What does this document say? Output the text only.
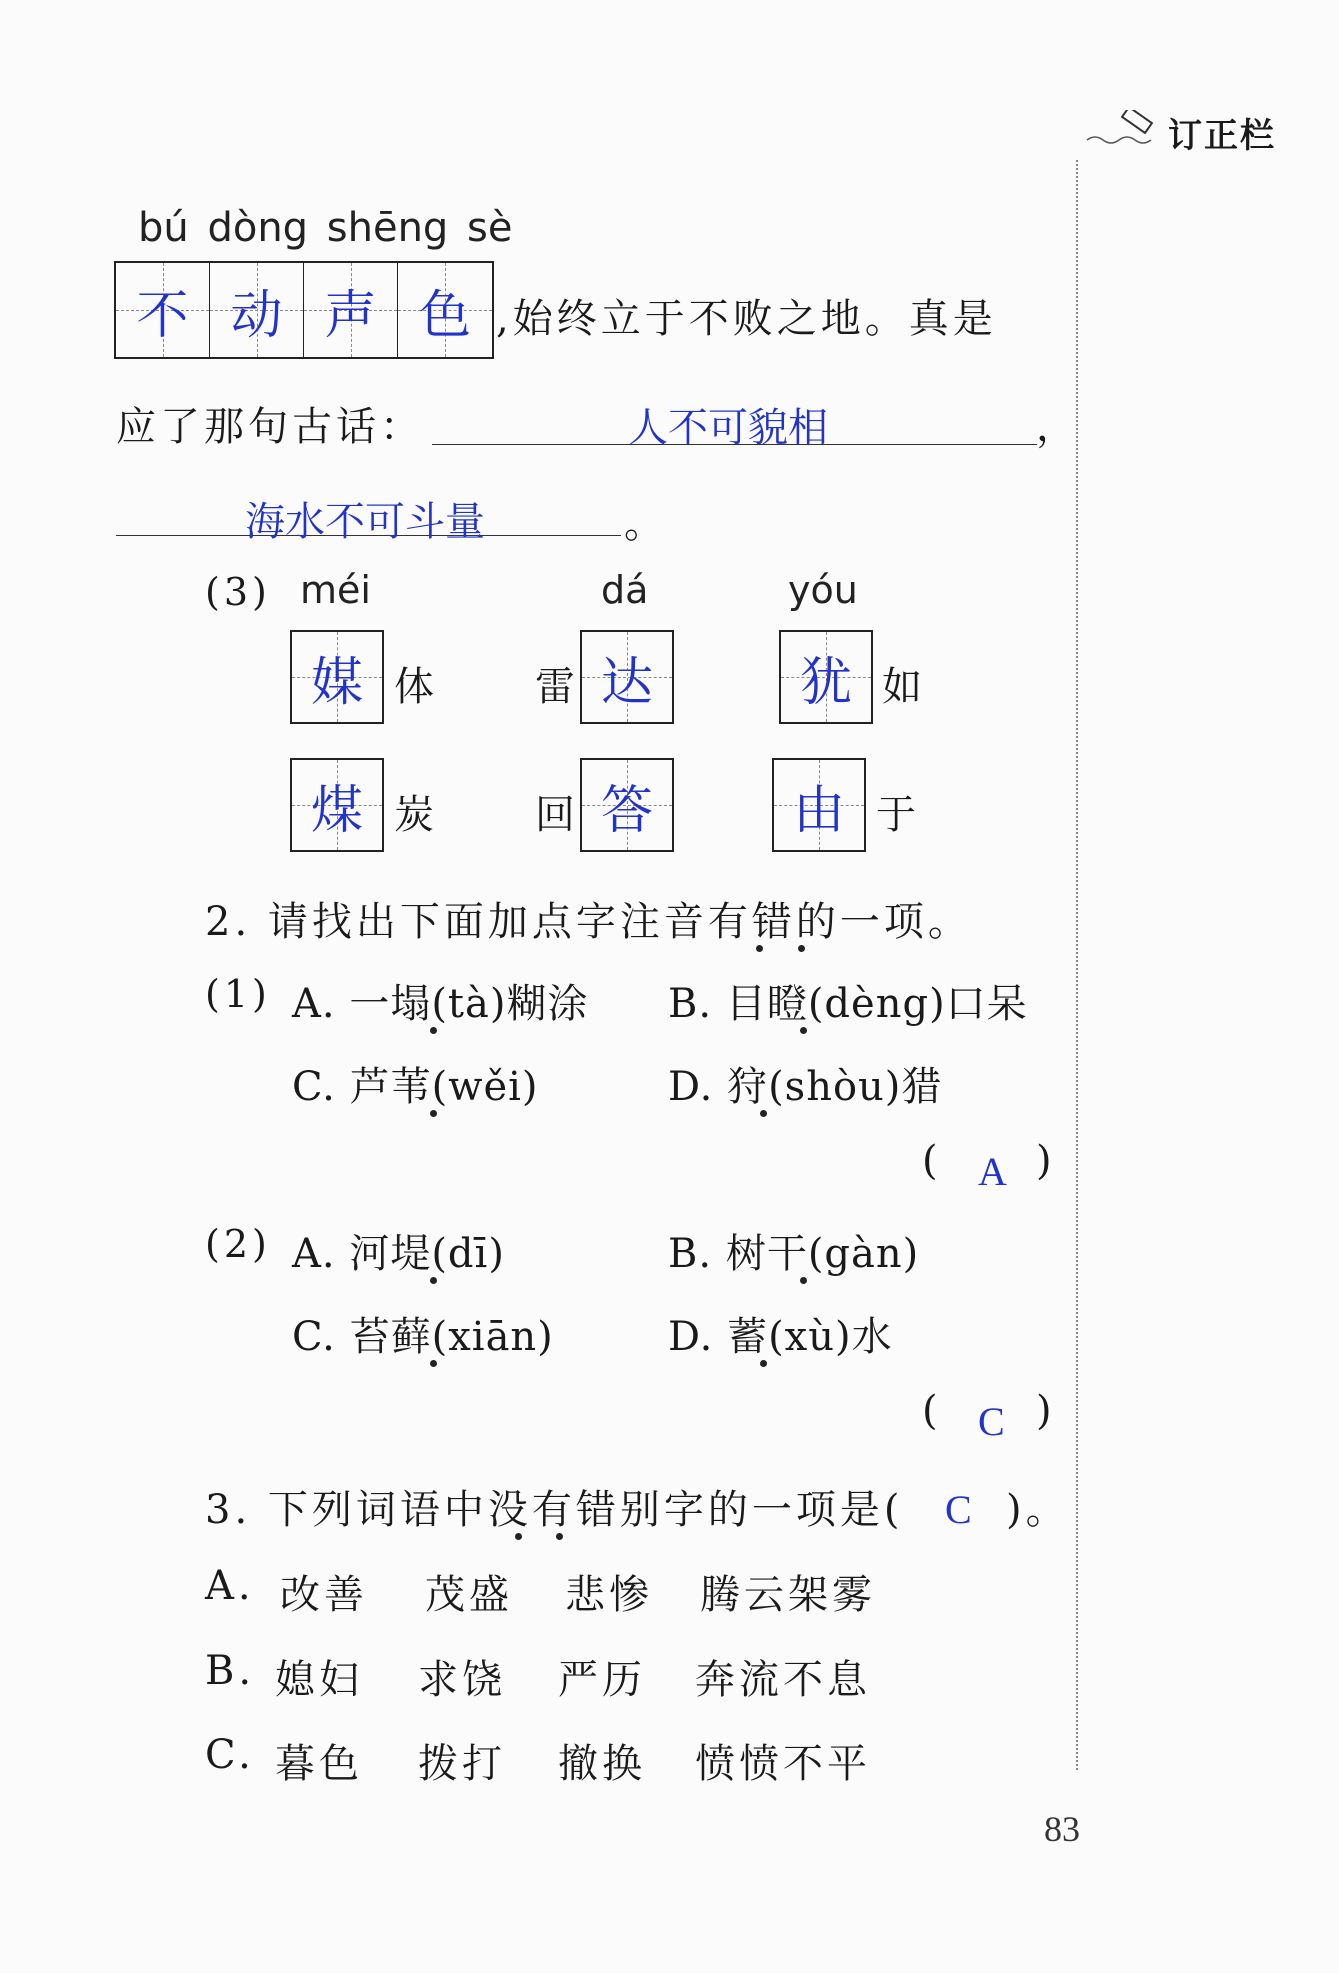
订正栏
bú dòng shēng sè
不 动 声 色 ,始终立于不败之地。真是
应了那句古话：	人不可貌相	，
海水不可斗量	。
(3) méi	dá	yóu
媒 体 雷 达	犹 如
煤 炭 回 答	由 于
2. 请找出下面加点字注音有错的一项。
(1) A. 一塌(tà)糊涂 B. 目瞪(dèng)口呆
C. 芦苇(wěi)	D. 狩(shòu)猎
( A )
(2) A. 河堤(dī)	B. 树干(gàn)
C. 苔藓(xiān)	D. 蓄(xù)水
( C )
3. 下列词语中没有错别字的一项是( C )。
A. 改善 茂盛 悲惨 腾云架雾
B. 媳妇 求饶 严历 奔流不息
C. 暮色 拨打 撤换 愤愤不平
83
